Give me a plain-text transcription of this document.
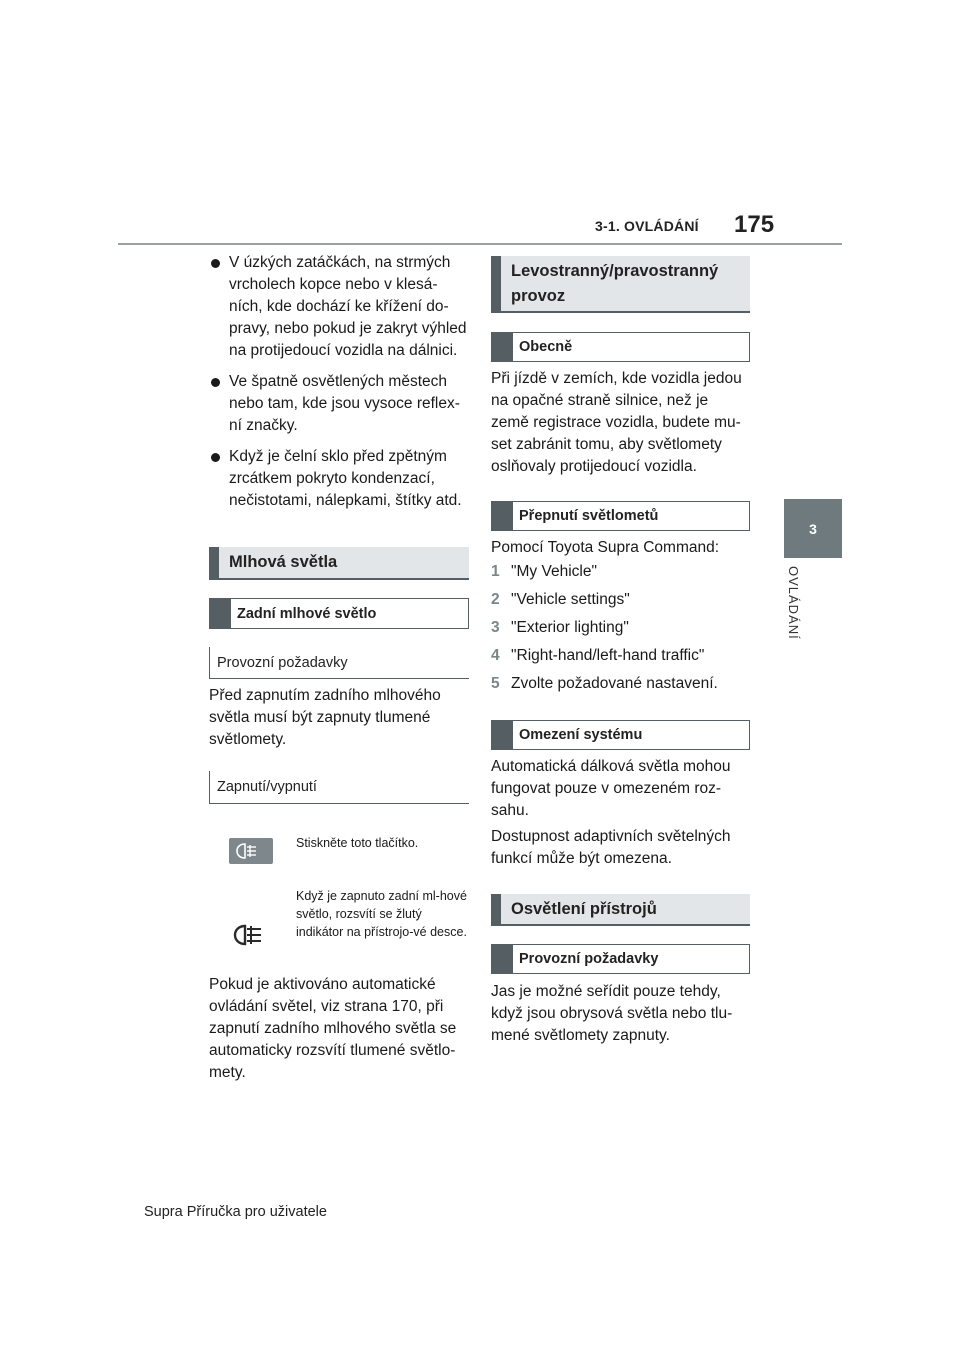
3-1. OVLÁDÁNÍ 175
3
OVLÁDÁNÍ
V úzkých zatáčkách, na strmých vrcholech kopce nebo v klesá-ních, kde dochází ke křížení do-pravy, nebo pokud je zakryt výhled na protijedoucí vozidla na dálnici.
Ve špatně osvětlených městech nebo tam, kde jsou vysoce reflex-ní značky.
Když je čelní sklo před zpětným zrcátkem pokryto kondenzací, nečistotami, nálepkami, štítky atd.
Mlhová světla
Zadní mlhové světlo
Provozní požadavky

Před zapnutím zadního mlhového světla musí být zapnuty tlumené světlomety.

Zapnutí/vypnutí
Stiskněte toto tlačítko.
Když je zapnuto zadní ml-hové světlo, rozsvítí se žlutý indikátor na přístrojo-vé desce.

Pokud je aktivováno automatické ovládání světel, viz strana 170, při zapnutí zadního mlhového světla se automaticky rozsvítí tlumené světlo-mety.

Levostranný/pravostranný provoz
Obecně

Při jízdě v zemích, kde vozidla jedou na opačné straně silnice, než je země registrace vozidla, budete mu-set zabránit tomu, aby světlomety oslňovaly protijedoucí vozidla.

Přepnutí světlometů

Pomocí Toyota Supra Command:

1 "My Vehicle"
2 "Vehicle settings"
3 "Exterior lighting"
4 "Right-hand/left-hand traffic"
5 Zvolte požadované nastavení.
Omezení systému

Automatická dálková světla mohou fungovat pouze v omezeném roz-sahu.

Dostupnost adaptivních světelných funkcí může být omezena.

Osvětlení přístrojů
Provozní požadavky

Jas je možné seřídit pouze tehdy, když jsou obrysová světla nebo tlu-mené světlomety zapnuty.

Supra Příručka pro uživatele
